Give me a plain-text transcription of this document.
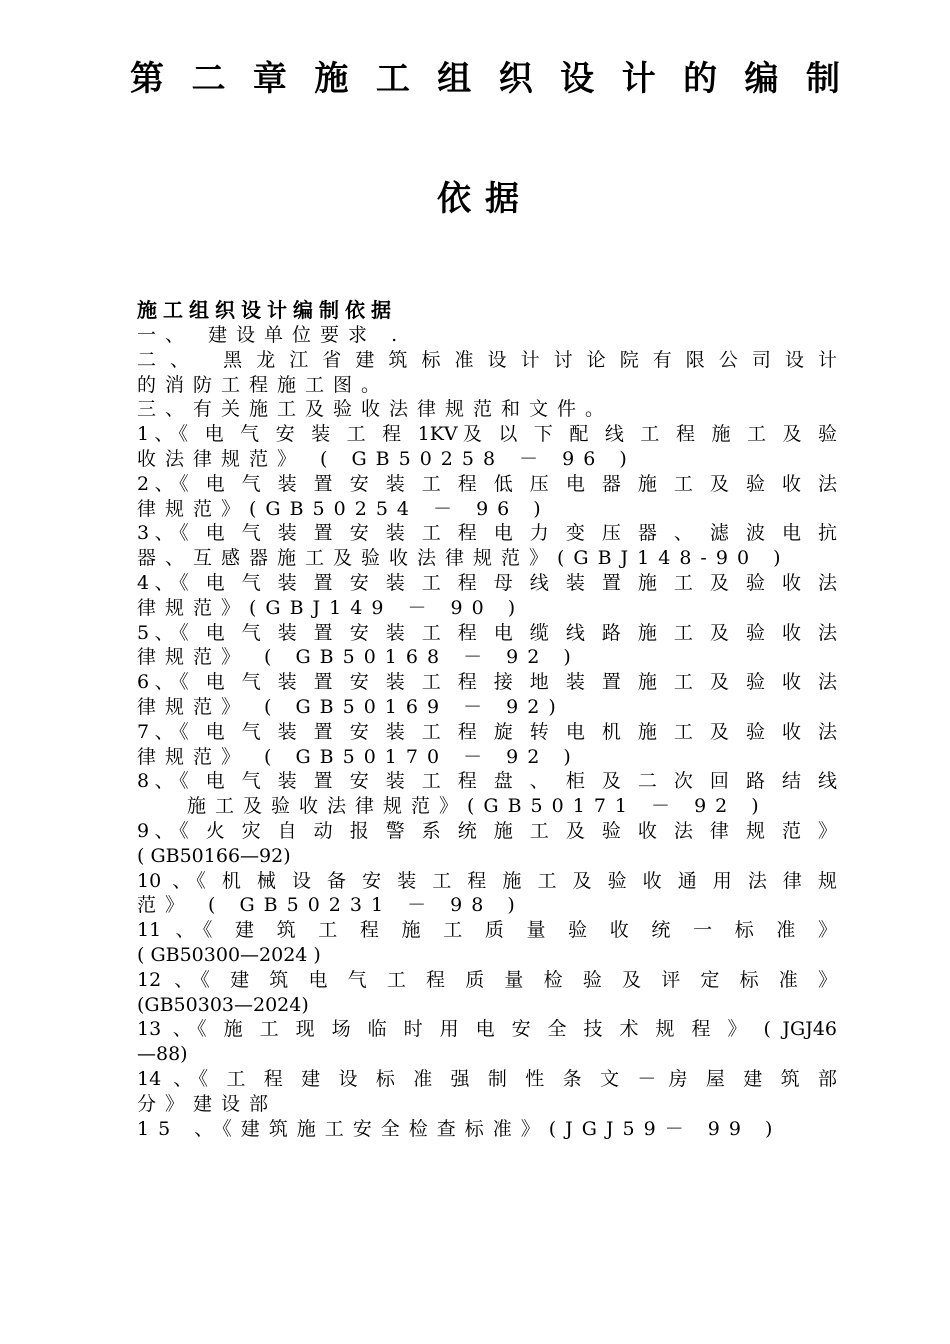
第 二 章 施 工 组 织 设 计 的 编 制
依据
施工组织设计编制依据
一、 建设单位要求 .
二、 黑龙江省建筑标准设计讨论院有限公司设计
的消防工程施工图。
三、有关施工及验收法律规范和文件。
1、《 电 气 安 装 工 程 1KV及 以 下 配 线 工 程 施 工 及 验
收法律规范》 ( GB50258 － 96 )
2、《 电 气 装 置 安 装 工 程 低 压 电 器 施 工 及 验 收 法
律规范》(GB50254 － 96 )
3、《 电 气 装 置 安 装 工 程 电 力 变 压 器 、 滤 波 电 抗
器、互感器施工及验收法律规范》(GBJ148-90 )
4、《 电 气 装 置 安 装 工 程 母 线 装 置 施 工 及 验 收 法
律规范》(GBJ149 － 90 )
5、《 电 气 装 置 安 装 工 程 电 缆 线 路 施 工 及 验 收 法
律规范》 ( GB50168 － 92 )
6、《 电 气 装 置 安 装 工 程 接 地 装 置 施 工 及 验 收 法
律规范》 ( GB50169 － 92)
7、《 电 气 装 置 安 装 工 程 旋 转 电 机 施 工 及 验 收 法
律规范》 ( GB50170 － 92 )
8、《 电 气 装 置 安 装 工 程 盘 、 柜 及 二 次 回 路 结 线
施工及验收法律规范》(GB50171 － 92 )
9、《 火 灾 自 动 报 警 系 统 施 工 及 验 收 法 律 规 范 》
( GB50166—92)
10 、《 机 械 设 备 安 装 工 程 施 工 及 验 收 通 用 法 律 规
范》 ( GB50231 － 98 )
11 、《 建 筑 工 程 施 工 质 量 验 收 统 一 标 准 》
( GB50300—2024 )
12 、《 建 筑 电 气 工 程 质 量 检 验 及 评 定 标 准 》
(GB50303—2024)
13 、《 施 工 现 场 临 时 用 电 安 全 技 术 规 程 》 ( JGJ46
—88)
14 、《 工 程 建 设 标 准 强 制 性 条 文 － 房 屋 建 筑 部
分》建设部
15 、《建筑施工安全检查标准》(JGJ59－ 99 )
